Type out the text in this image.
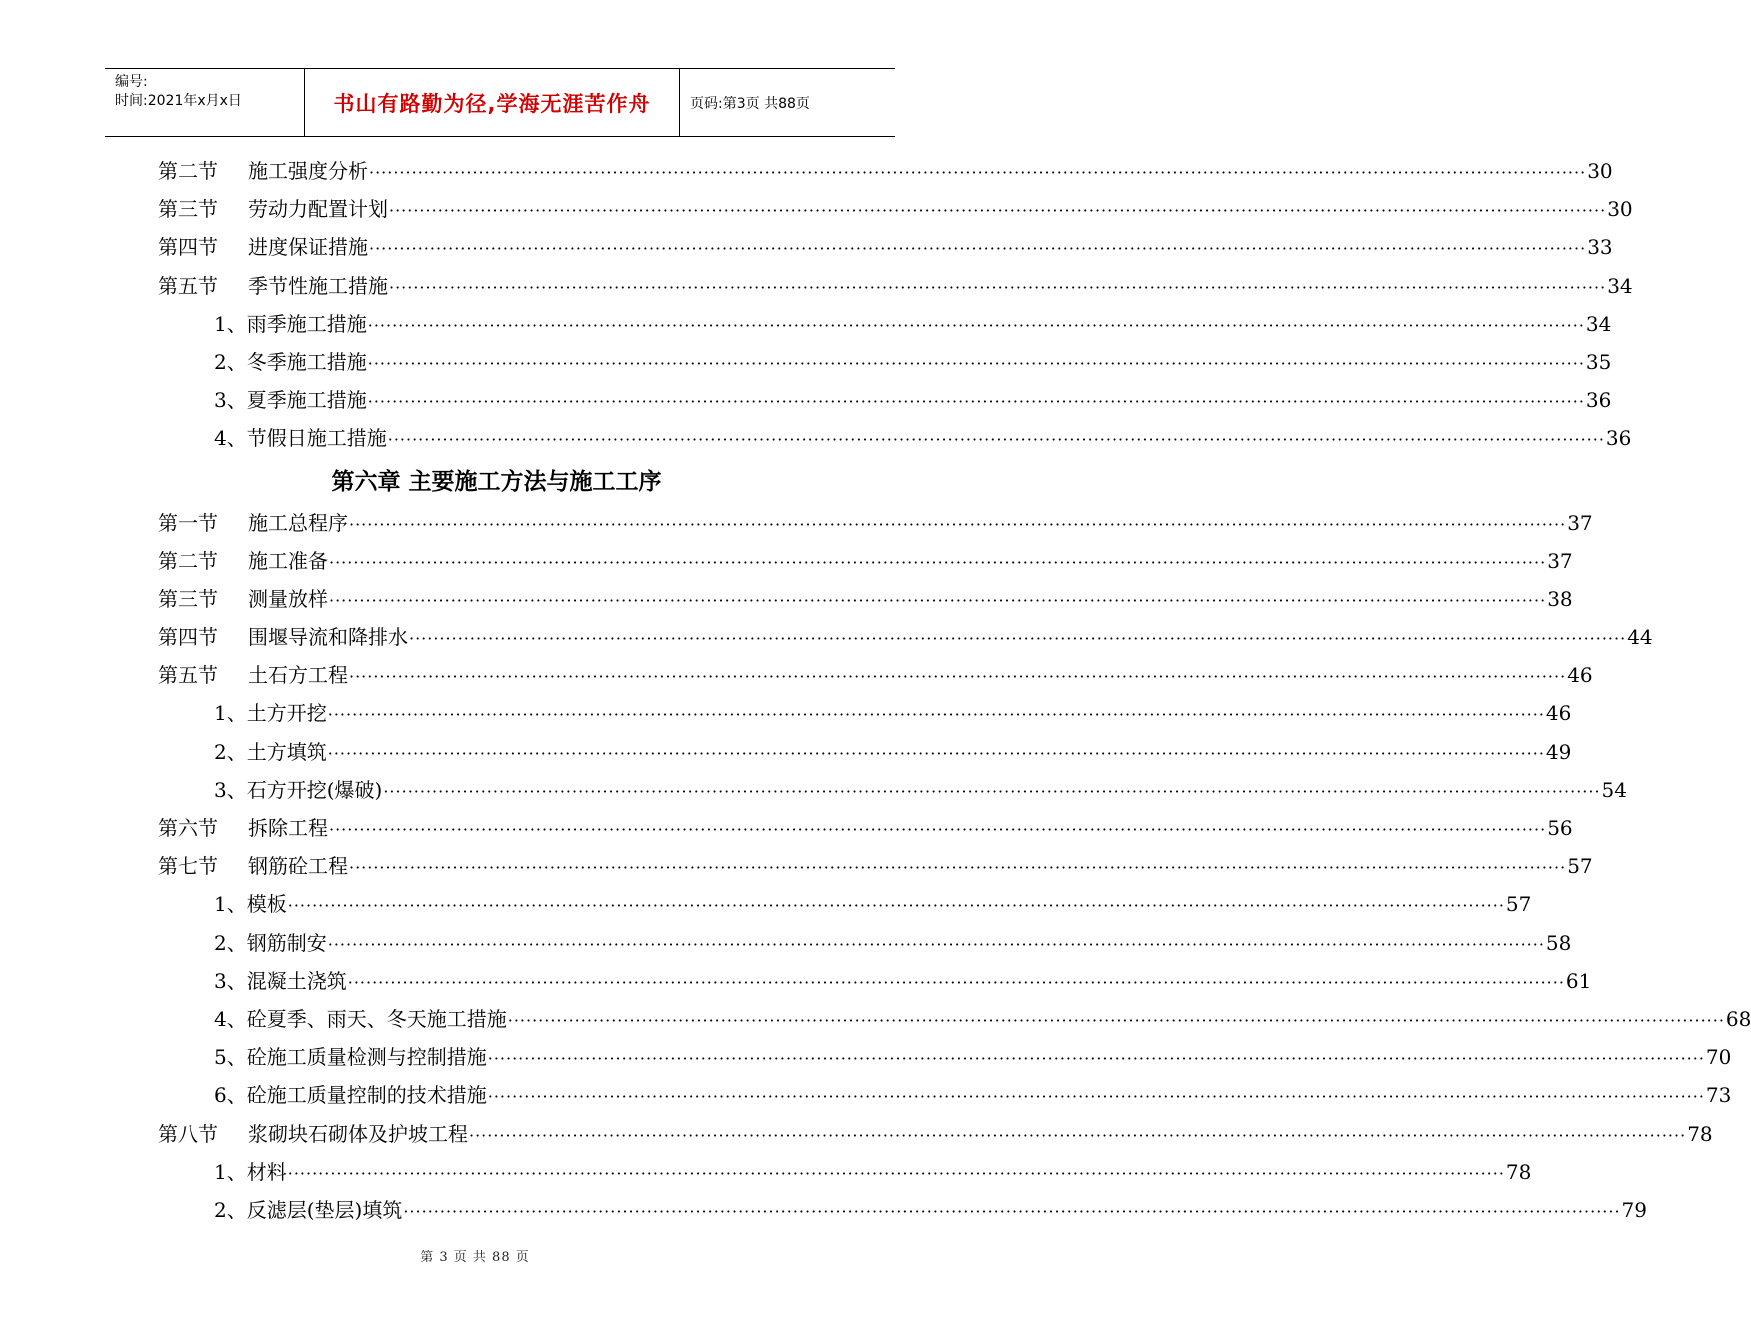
编号:
时间:2021年x月x日	书山有路勤为径,学海无涯苦作舟	页码:第3页 共88页
第二节 施工强度分析 ········································································································································································································ 30
第三节 劳动力配置计划 ········································································································································································································ 30
第四节 进度保证措施 ········································································································································································································ 33
第五节 季节性施工措施 ········································································································································································································ 34
1、雨季施工措施 ········································································································································································································ 34
2、冬季施工措施 ········································································································································································································ 35
3、夏季施工措施 ········································································································································································································ 36
4、节假日施工措施 ········································································································································································································ 36
第六章 主要施工方法与施工工序
第一节 施工总程序 ········································································································································································································ 37
第二节 施工准备 ········································································································································································································ 37
第三节 测量放样 ········································································································································································································ 38
第四节 围堰导流和降排水 ········································································································································································································ 44
第五节 土石方工程 ········································································································································································································ 46
1、土方开挖 ········································································································································································································ 46
2、土方填筑 ········································································································································································································ 49
3、石方开挖(爆破) ········································································································································································································ 54
第六节 拆除工程 ········································································································································································································ 56
第七节 钢筋砼工程 ········································································································································································································ 57
1、模板 ········································································································································································································ 57
2、钢筋制安 ········································································································································································································ 58
3、混凝土浇筑 ········································································································································································································ 61
4、砼夏季、雨天、冬天施工措施 ········································································································································································································ 68
5、砼施工质量检测与控制措施 ········································································································································································································ 70
6、砼施工质量控制的技术措施 ········································································································································································································ 73
第八节 浆砌块石砌体及护坡工程 ········································································································································································································ 78
1、材料 ········································································································································································································ 78
2、反滤层(垫层)填筑 ········································································································································································································ 79
第 3 页 共 88 页
